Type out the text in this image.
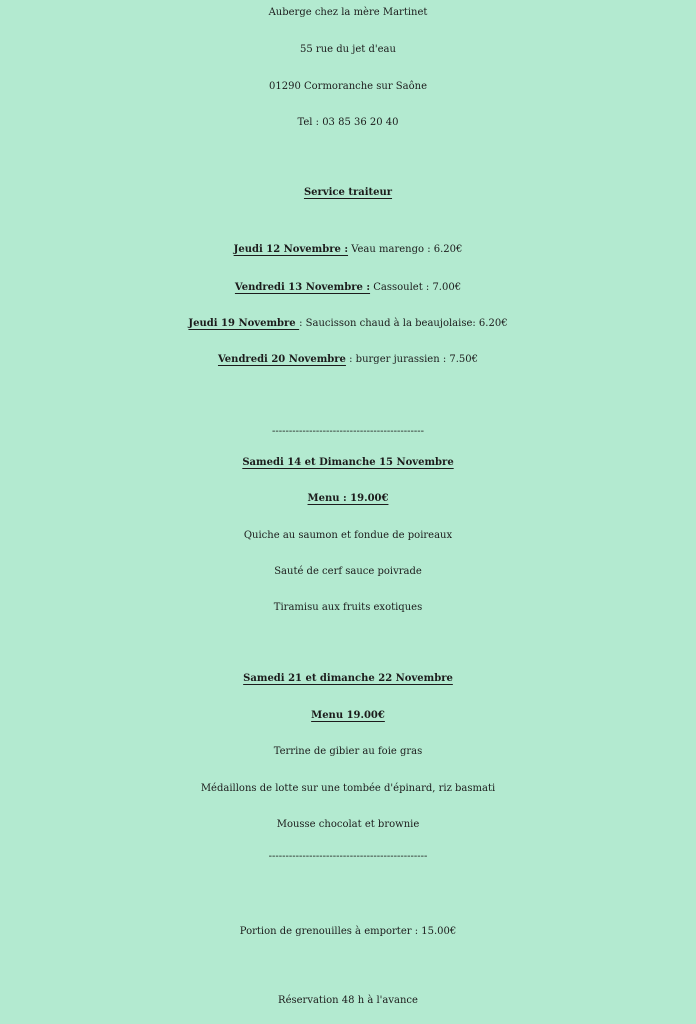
Auberge chez la mère Martinet
55 rue du jet d'eau
01290 Cormoranche sur Saône
Tel : 03 85 36 20 40
Service traiteur
Jeudi 12 Novembre : Veau marengo : 6.20€
Vendredi 13 Novembre : Cassoulet : 7.00€
Jeudi 19 Novembre : Saucisson chaud à la beaujolaise: 6.20€
Vendredi 20 Novembre : burger jurassien : 7.50€
---------------------------------------------
Samedi 14 et Dimanche 15 Novembre
Menu : 19.00€
Quiche au saumon et fondue de poireaux
Sauté de cerf sauce poivrade
Tiramisu aux fruits exotiques
Samedi 21 et dimanche 22 Novembre
Menu 19.00€
Terrine de gibier au foie gras
Médaillons de lotte sur une tombée d'épinard, riz basmati
Mousse chocolat et brownie
-----------------------------------------------
Portion de grenouilles à emporter : 15.00€
Réservation 48 h à l'avance
